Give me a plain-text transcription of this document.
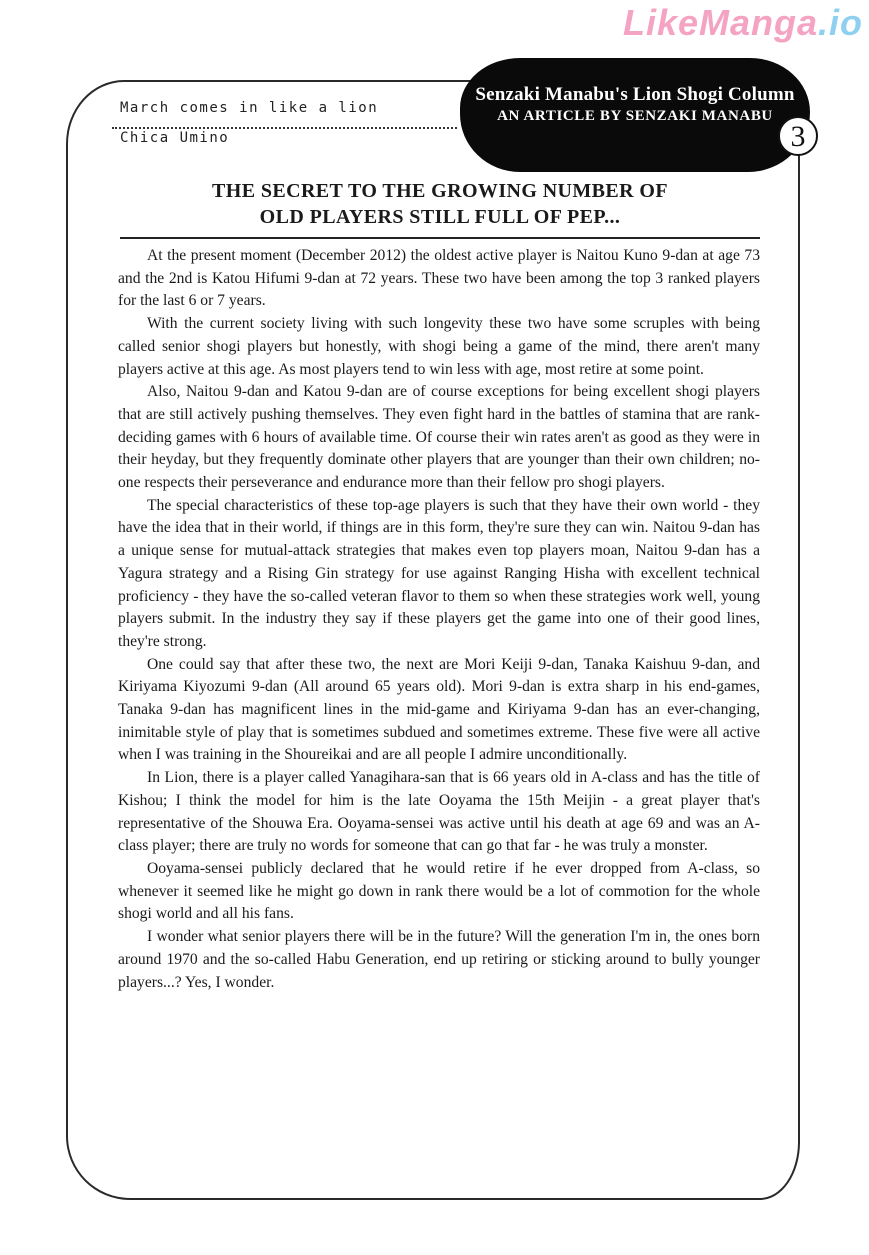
LikeManga.io
March comes in like a lion
Chica Umino
Senzaki Manabu's Lion Shogi Column
AN ARTICLE BY SENZAKI MANABU
3
THE SECRET TO THE GROWING NUMBER OF
OLD PLAYERS STILL FULL OF PEP...

At the present moment (December 2012) the oldest active player is Naitou Kuno 9-dan at age 73 and the 2nd is Katou Hifumi 9-dan at 72 years. These two have been among the top 3 ranked players for the last 6 or 7 years.

With the current society living with such longevity these two have some scruples with being called senior shogi players but honestly, with shogi being a game of the mind, there aren't many players active at this age. As most players tend to win less with age, most retire at some point.

Also, Naitou 9-dan and Katou 9-dan are of course exceptions for being excellent shogi players that are still actively pushing themselves. They even fight hard in the battles of stamina that are rank-deciding games with 6 hours of available time. Of course their win rates aren't as good as they were in their heyday, but they frequently dominate other players that are younger than their own children; no-one respects their perseverance and endurance more than their fellow pro shogi players.

The special characteristics of these top-age players is such that they have their own world - they have the idea that in their world, if things are in this form, they're sure they can win. Naitou 9-dan has a unique sense for mutual-attack strategies that makes even top players moan, Naitou 9-dan has a Yagura strategy and a Rising Gin strategy for use against Ranging Hisha with excellent technical proficiency - they have the so-called veteran flavor to them so when these strategies work well, young players submit. In the industry they say if these players get the game into one of their good lines, they're strong.

One could say that after these two, the next are Mori Keiji 9-dan, Tanaka Kaishuu 9-dan, and Kiriyama Kiyozumi 9-dan (All around 65 years old). Mori 9-dan is extra sharp in his end-games, Tanaka 9-dan has magnificent lines in the mid-game and Kiriyama 9-dan has an ever-changing, inimitable style of play that is sometimes subdued and sometimes extreme. These five were all active when I was training in the Shoureikai and are all people I admire unconditionally.

In Lion, there is a player called Yanagihara-san that is 66 years old in A-class and has the title of Kishou; I think the model for him is the late Ooyama the 15th Meijin - a great player that's representative of the Shouwa Era. Ooyama-sensei was active until his death at age 69 and was an A-class player; there are truly no words for someone that can go that far - he was truly a monster.

Ooyama-sensei publicly declared that he would retire if he ever dropped from A-class, so whenever it seemed like he might go down in rank there would be a lot of commotion for the whole shogi world and all his fans.

I wonder what senior players there will be in the future? Will the generation I'm in, the ones born around 1970 and the so-called Habu Generation, end up retiring or sticking around to bully younger players...? Yes, I wonder.
